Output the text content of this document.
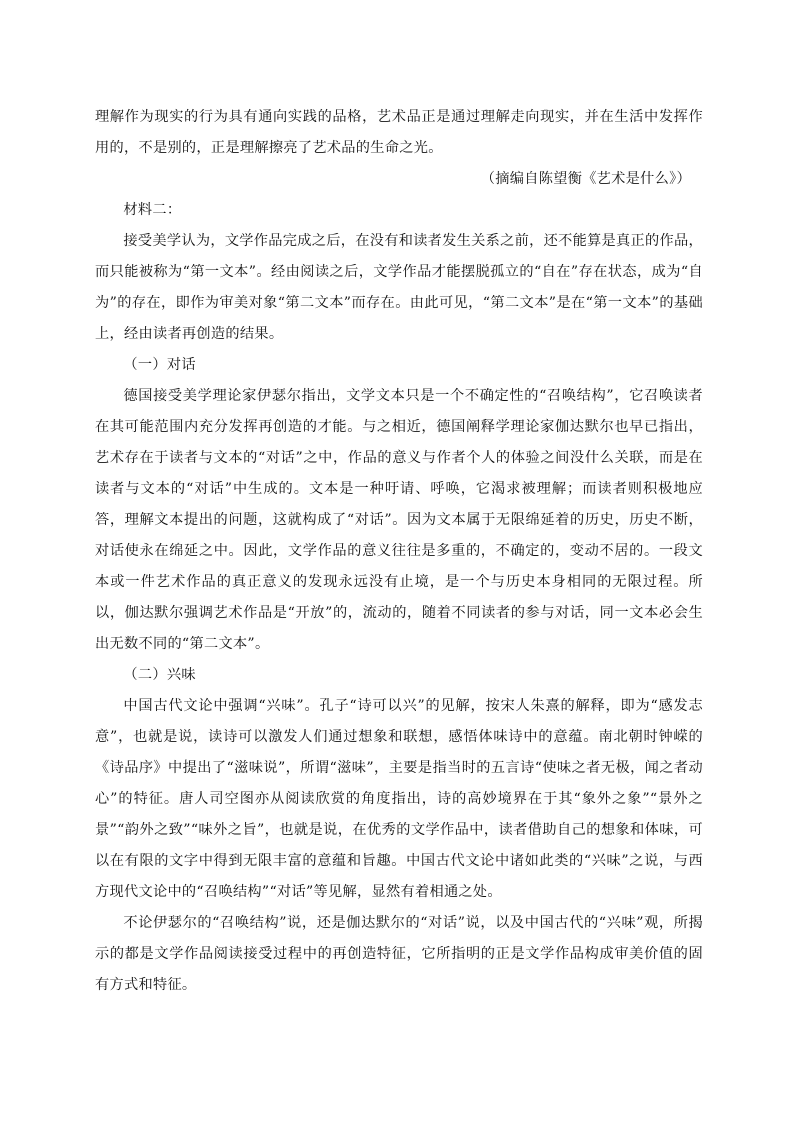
理解作为现实的行为具有通向实践的品格，艺术品正是通过理解走向现实，并在生活中发挥作用的，不是别的，正是理解擦亮了艺术品的生命之光。

（摘编自陈望衡《艺术是什么》）

材料二：

接受美学认为，文学作品完成之后，在没有和读者发生关系之前，还不能算是真正的作品，而只能被称为“第一文本”。经由阅读之后，文学作品才能摆脱孤立的“自在”存在状态，成为“自为”的存在，即作为审美对象“第二文本”而存在。由此可见，“第二文本”是在“第一文本”的基础上，经由读者再创造的结果。

（一）对话

德国接受美学理论家伊瑟尔指出，文学文本只是一个不确定性的“召唤结构”，它召唤读者在其可能范围内充分发挥再创造的才能。与之相近，德国阐释学理论家伽达默尔也早已指出，艺术存在于读者与文本的“对话”之中，作品的意义与作者个人的体验之间没什么关联，而是在读者与文本的“对话”中生成的。文本是一种吁请、呼唤，它渴求被理解；而读者则积极地应答，理解文本提出的问题，这就构成了“对话”。因为文本属于无限绵延着的历史，历史不断，对话使永在绵延之中。因此，文学作品的意义往往是多重的，不确定的，变动不居的。一段文本或一件艺术作品的真正意义的发现永远没有止境，是一个与历史本身相同的无限过程。所以，伽达默尔强调艺术作品是“开放”的，流动的，随着不同读者的参与对话，同一文本必会生出无数不同的“第二文本”。

（二）兴味

中国古代文论中强调“兴味”。孔子“诗可以兴”的见解，按宋人朱熹的解释，即为“感发志意”，也就是说，读诗可以激发人们通过想象和联想，感悟体味诗中的意蕴。南北朝时钟嵘的《诗品序》中提出了“滋味说”，所谓“滋味”，主要是指当时的五言诗“使味之者无极，闻之者动心”的特征。唐人司空图亦从阅读欣赏的角度指出，诗的高妙境界在于其“象外之象”“景外之景”“韵外之致”“味外之旨”，也就是说，在优秀的文学作品中，读者借助自己的想象和体味，可以在有限的文字中得到无限丰富的意蕴和旨趣。中国古代文论中诸如此类的“兴味”之说，与西方现代文论中的“召唤结构”“对话”等见解，显然有着相通之处。

不论伊瑟尔的“召唤结构”说，还是伽达默尔的“对话”说，以及中国古代的“兴味”观，所揭示的都是文学作品阅读接受过程中的再创造特征，它所指明的正是文学作品构成审美价值的固有方式和特征。
